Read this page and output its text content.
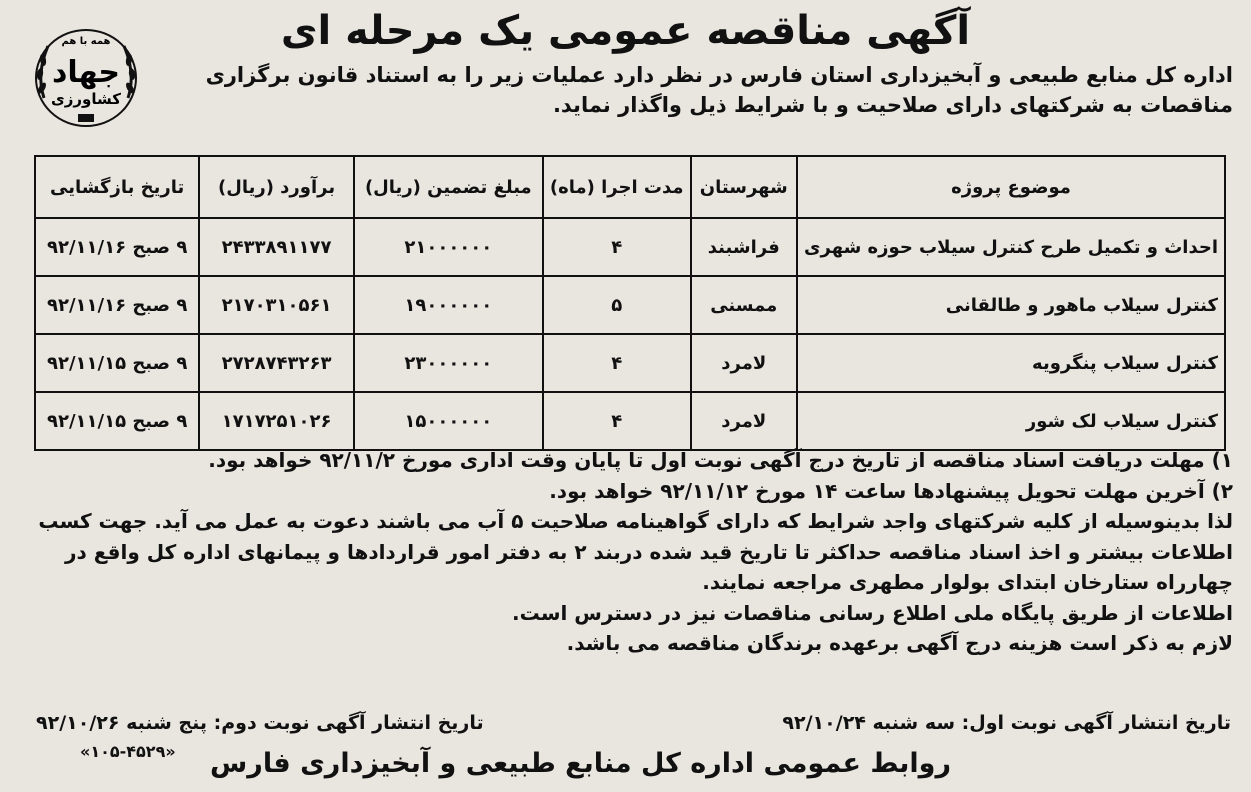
همه با هم
جهاد
کشاورزی
آگهی مناقصه عمومی یک مرحله ای
اداره کل منابع طبیعی و آبخیزداری استان فارس در نظر دارد عملیات زیر را به استناد قانون برگزاری مناقصات به شرکتهای دارای صلاحیت و با شرایط ذیل واگذار نماید.
موضوع پروژه	شهرستان	مدت اجرا (ماه)	مبلغ تضمین (ریال)	برآورد (ریال)	تاریخ بازگشایی
احداث و تکمیل طرح کنترل سیلاب حوزه شهری	فراشبند	۴	۲۱۰۰۰۰۰۰	۲۴۳۳۸۹۱۱۷۷	۹ صبح ۹۲/۱۱/۱۶
کنترل سیلاب ماهور و طالقانی	ممسنی	۵	۱۹۰۰۰۰۰۰	۲۱۷۰۳۱۰۵۶۱	۹ صبح ۹۲/۱۱/۱۶
کنترل سیلاب پنگرویه	لامرد	۴	۲۳۰۰۰۰۰۰	۲۷۲۸۷۴۳۲۶۳	۹ صبح ۹۲/۱۱/۱۵
کنترل سیلاب لک شور	لامرد	۴	۱۵۰۰۰۰۰۰	۱۷۱۷۲۵۱۰۲۶	۹ صبح ۹۲/۱۱/۱۵

۱) مهلت دریافت اسناد مناقصه از تاریخ درج آگهی نوبت اول تا پایان وقت اداری مورخ ۹۲/۱۱/۲ خواهد بود.

۲) آخرین مهلت تحویل پیشنهادها ساعت ۱۴ مورخ ۹۲/۱۱/۱۲ خواهد بود.

لذا بدینوسیله از کلیه شرکتهای واجد شرایط که دارای گواهینامه صلاحیت ۵ آب می باشند دعوت به عمل می آید. جهت کسب اطلاعات بیشتر و اخذ اسناد مناقصه حداکثر تا تاریخ قید شده دربند ۲ به دفتر امور قراردادها و پیمانهای اداره کل واقع در چهارراه ستارخان ابتدای بولوار مطهری مراجعه نمایند.

اطلاعات از طریق پایگاه ملی اطلاع رسانی مناقصات نیز در دسترس است.

لازم به ذکر است هزینه درج آگهی برعهده برندگان مناقصه می باشد.

تاریخ انتشار آگهی نوبت اول: سه شنبه ۹۲/۱۰/۲۴
تاریخ انتشار آگهی نوبت دوم: پنج شنبه ۹۲/۱۰/۲۶
«۱۰۵-۴۵۲۹» روابط عمومی اداره کل منابع طبیعی و آبخیزداری فارس
